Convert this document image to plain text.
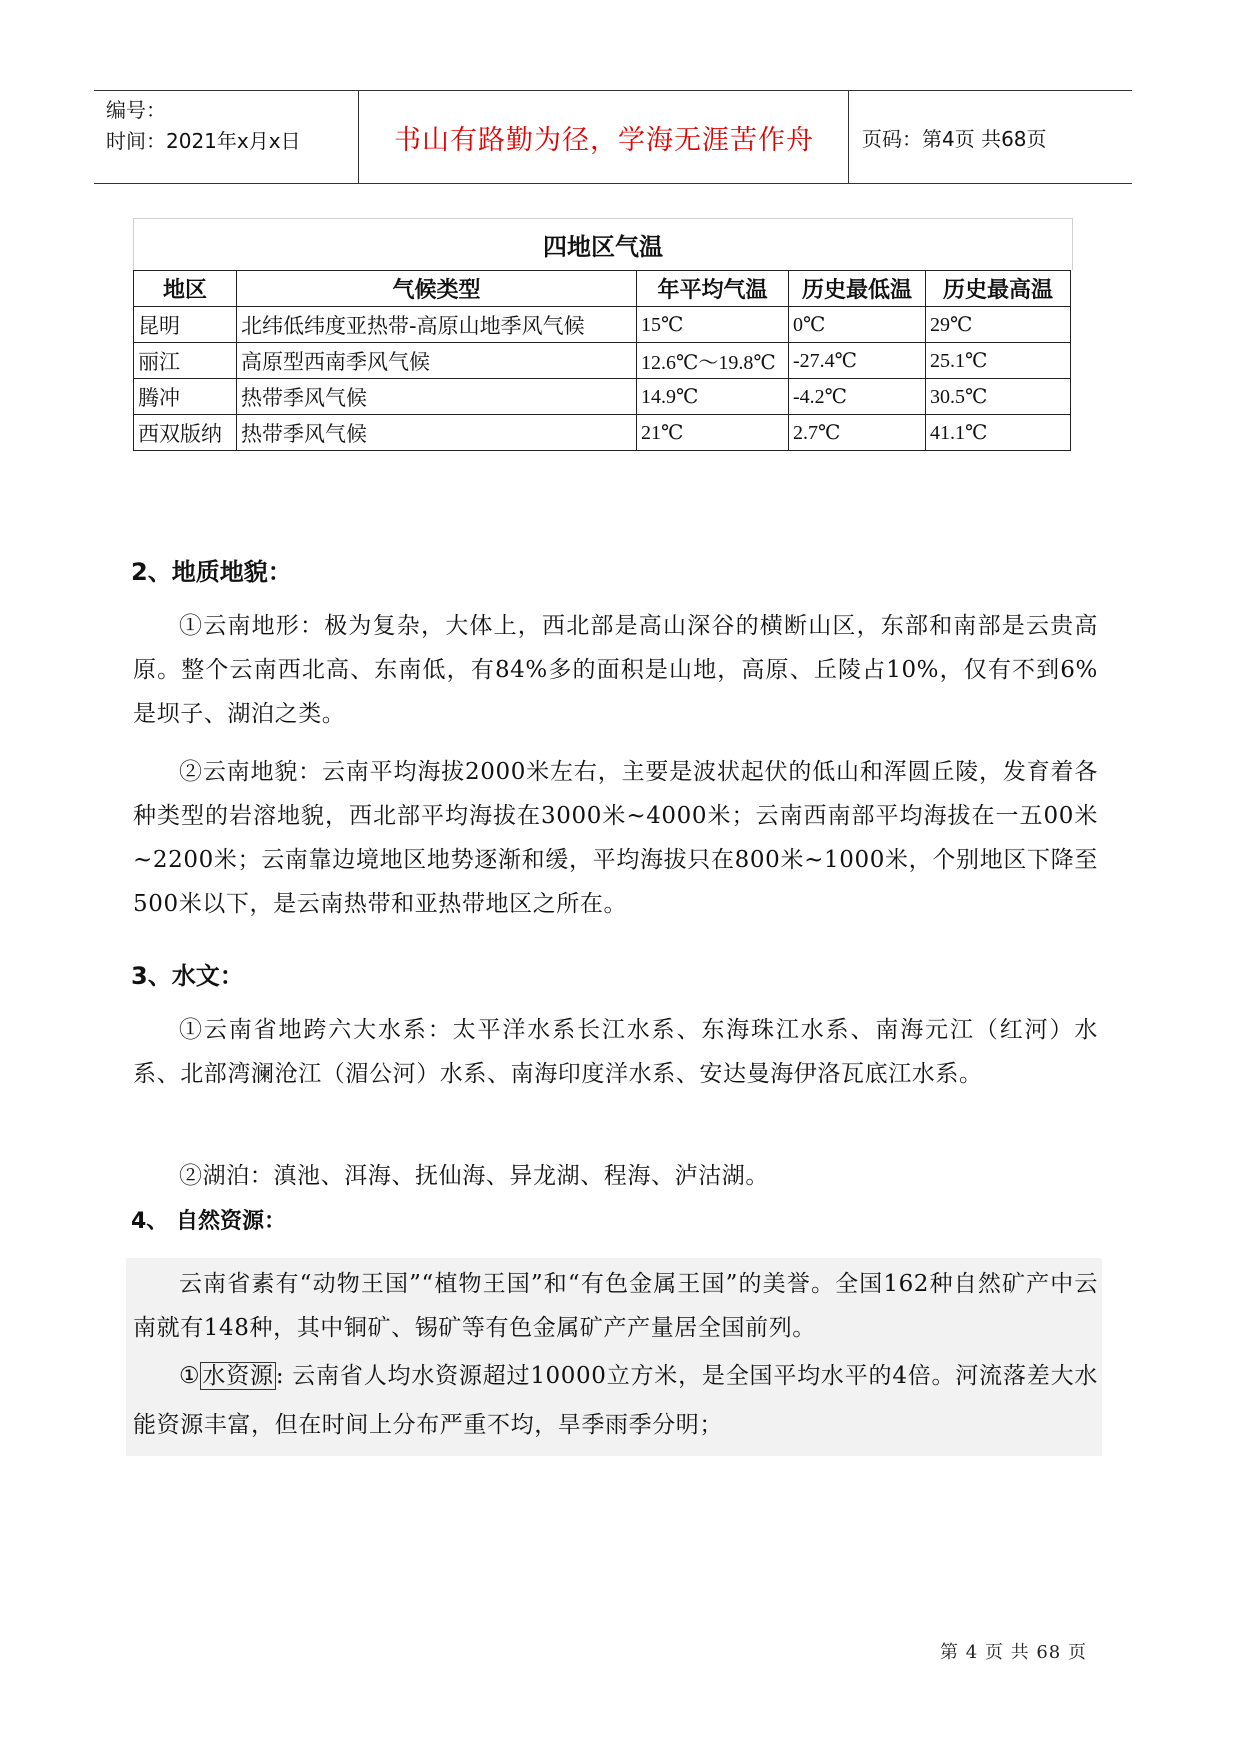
编号：
时间：2021年x月x日	书山有路勤为径，学海无涯苦作舟	页码：第4页 共68页
四地区气温
地区	气候类型	年平均气温	历史最低温	历史最高温
昆明	北纬低纬度亚热带-高原山地季风气候	15℃	0℃	29℃
丽江	高原型西南季风气候	12.6℃～19.8℃	-27.4℃	25.1℃
腾冲	热带季风气候	14.9℃	-4.2℃	30.5℃
西双版纳	热带季风气候	21℃	2.7℃	41.1℃
2、地质地貌：

①云南地形：极为复杂，大体上，西北部是高山深谷的横断山区，东部和南部是云贵高原。整个云南西北高、东南低，有84%多的面积是山地，高原、丘陵占10%，仅有不到6%是坝子、湖泊之类。

②云南地貌：云南平均海拔2000米左右，主要是波状起伏的低山和浑圆丘陵，发育着各种类型的岩溶地貌，西北部平均海拔在3000米~4000米；云南西南部平均海拔在一五00米~2200米；云南靠边境地区地势逐渐和缓，平均海拔只在800米~1000米，个别地区下降至500米以下，是云南热带和亚热带地区之所在。

3、水文：

①云南省地跨六大水系：太平洋水系长江水系、东海珠江水系、南海元江（红河）水系、北部湾澜沧江（湄公河）水系、南海印度洋水系、安达曼海伊洛瓦底江水系。

②湖泊：滇池、洱海、抚仙海、异龙湖、程海、泸沽湖。

4、 自然资源：

云南省素有“动物王国”“植物王国”和“有色金属王国”的美誉。全国162种自然矿产中云南就有148种，其中铜矿、锡矿等有色金属矿产产量居全国前列。

①水资源: 云南省人均水资源超过10000立方米，是全国平均水平的4倍。河流落差大水能资源丰富，但在时间上分布严重不均，旱季雨季分明；

第 4 页 共 68 页
